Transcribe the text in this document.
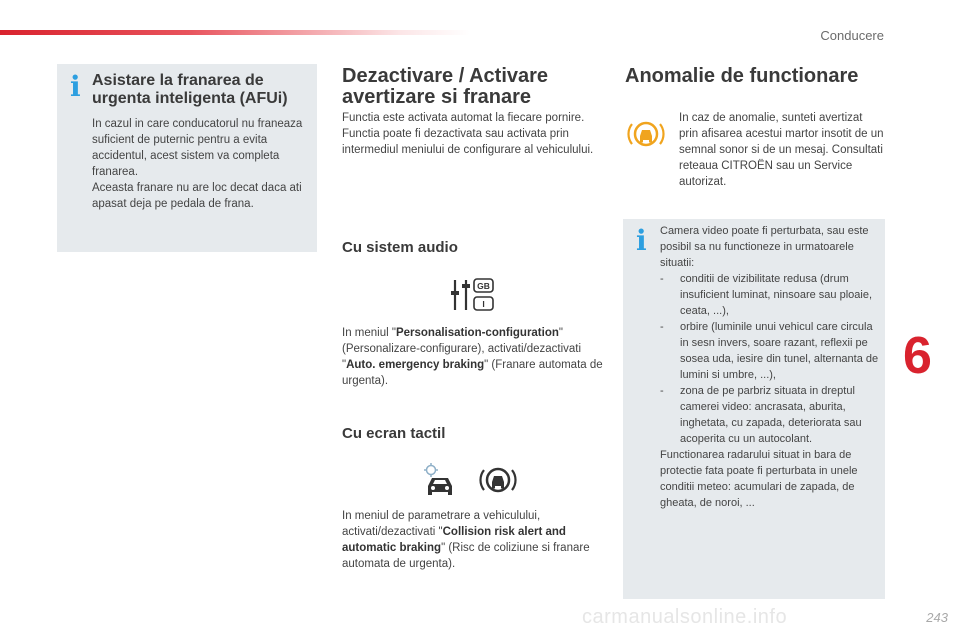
Conducere
6
i Asistare la franarea de urgenta inteligenta (AFUi)
In cazul in care conducatorul nu franeaza suficient de puternic pentru a evita accidentul, acest sistem va completa franarea.
Aceasta franare nu are loc decat daca ati apasat deja pe pedala de frana.
Dezactivare / Activare avertizare si franare
Functia este activata automat la fiecare pornire. Functia poate fi dezactivata sau activata prin intermediul meniului de configurare al vehiculului.
Cu sistem audio
GB
I
In meniul "Personalisation-configuration" (Personalizare-configurare), activati/dezactivati "Auto. emergency braking" (Franare automata de urgenta).
Cu ecran tactil
In meniul de parametrare a vehiculului, activati/dezactivati "Collision risk alert and automatic braking" (Risc de coliziune si franare automata de urgenta).
Anomalie de functionare
In caz de anomalie, sunteti avertizat prin afisarea acestui martor insotit de un semnal sonor si de un mesaj. Consultati reteaua CITROËN sau un Service autorizat.
i Camera video poate fi perturbata, sau este posibil sa nu functioneze in urmatoarele situatii:
- conditii de vizibilitate redusa (drum insuficient luminat, ninsoare sau ploaie, ceata, ...),
- orbire (luminile unui vehicul care circula in sesn invers, soare razant, reflexii pe sosea uda, iesire din tunel, alternanta de lumini si umbre, ...),
- zona de pe parbriz situata in dreptul camerei video: ancrasata, aburita, inghetata, cu zapada, deteriorata sau acoperita cu un autocolant.
Functionarea radarului situat in bara de protectie fata poate fi perturbata in unele conditii meteo: acumulari de zapada, de gheata, de noroi, ...
carmanualsonline.info	243
